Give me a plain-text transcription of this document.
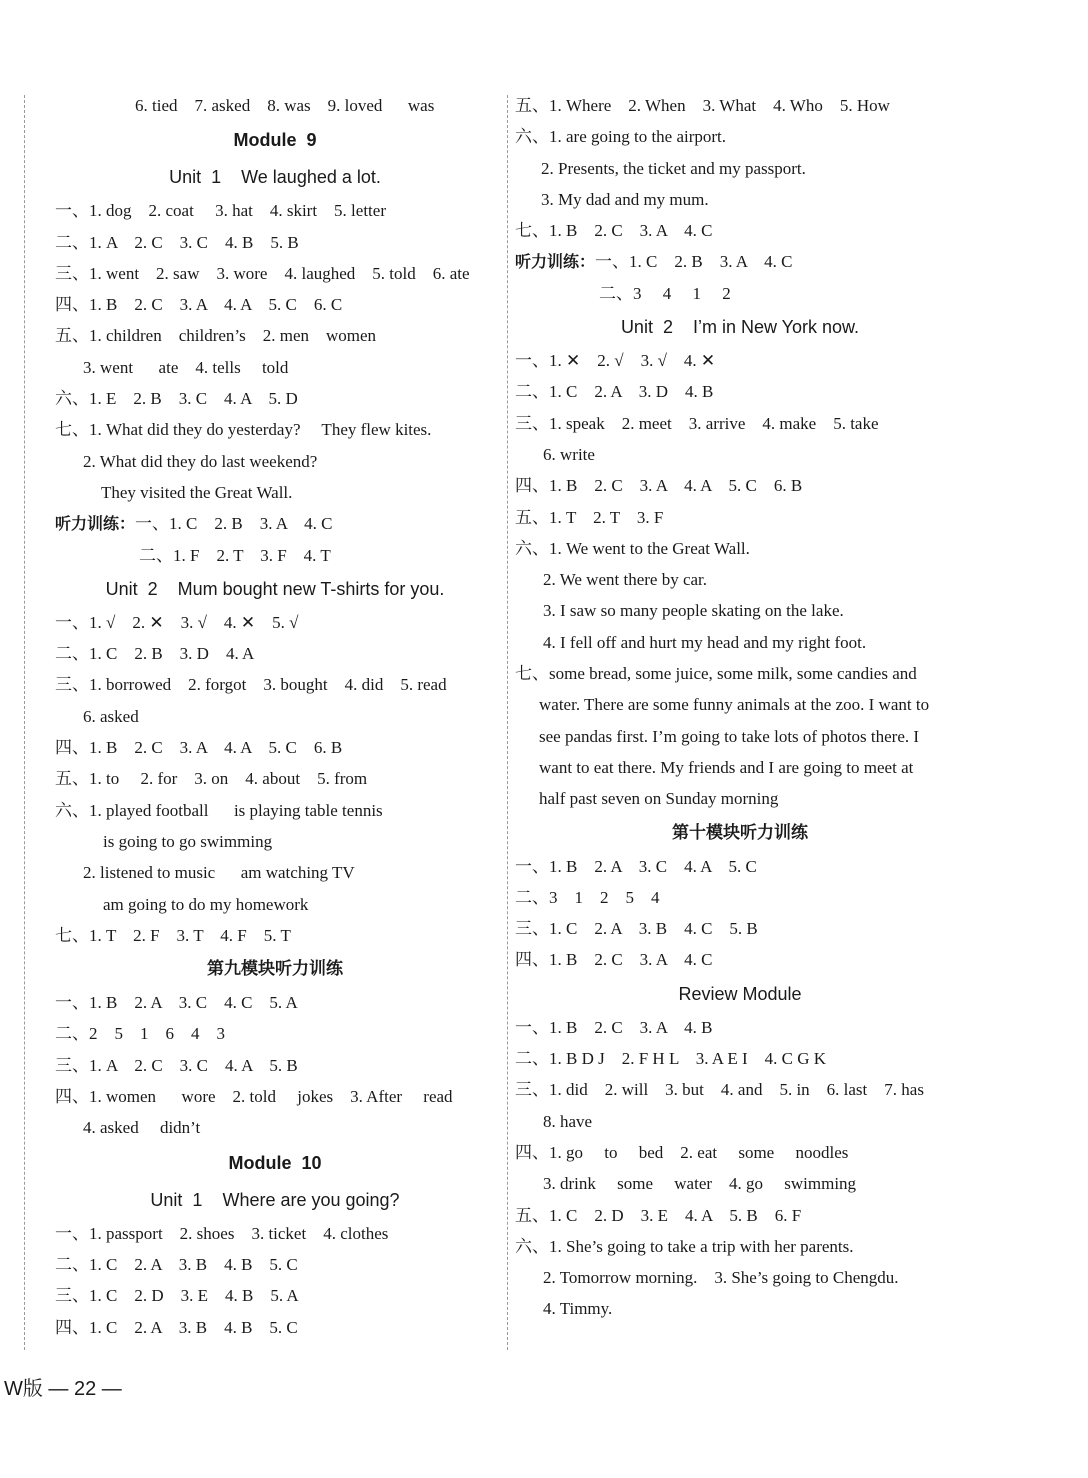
6. tied    7. asked    8. was    9. loved      was
Module  9
Unit  1    We laughed a lot.
一、1. dog    2. coat     3. hat    4. skirt    5. letter
二、1. A    2. C    3. C    4. B    5. B
三、1. went    2. saw    3. wore    4. laughed    5. told    6. ate
四、1. B    2. C    3. A    4. A    5. C    6. C
五、1. children    children’s    2. men    women
3. went      ate    4. tells     told
六、1. E    2. B    3. C    4. A    5. D
七、1. What did they do yesterday?     They flew kites.
2. What did they do last weekend?
They visited the Great Wall.
听力训练：一、1. C    2. B    3. A    4. C
二、1. F    2. T    3. F    4. T
Unit  2    Mum bought new T-shirts for you.
一、1. √    2. ✕    3. √    4. ✕    5. √
二、1. C    2. B    3. D    4. A
三、1. borrowed    2. forgot    3. bought    4. did    5. read
6. asked
四、1. B    2. C    3. A    4. A    5. C    6. B
五、1. to     2. for    3. on    4. about    5. from
六、1. played football      is playing table tennis
is going to go swimming
2. listened to music      am watching TV
am going to do my homework
七、1. T    2. F    3. T    4. F    5. T
第九模块听力训练
一、1. B    2. A    3. C    4. C    5. A
二、2    5    1    6    4    3
三、1. A    2. C    3. C    4. A    5. B
四、1. women      wore    2. told     jokes    3. After     read
4. asked     didn’t
Module  10
Unit  1    Where are you going?
一、1. passport    2. shoes    3. ticket    4. clothes
二、1. C    2. A    3. B    4. B    5. C
三、1. C    2. D    3. E    4. B    5. A
四、1. C    2. A    3. B    4. B    5. C
五、1. Where    2. When    3. What    4. Who    5. How
六、1. are going to the airport.
2. Presents, the ticket and my passport.
3. My dad and my mum.
七、1. B    2. C    3. A    4. C
听力训练：一、1. C    2. B    3. A    4. C
二、3     4     1     2
Unit  2    I’m in New York now.
一、1. ✕    2. √    3. √    4. ✕
二、1. C    2. A    3. D    4. B
三、1. speak    2. meet    3. arrive    4. make    5. take
6. write
四、1. B    2. C    3. A    4. A    5. C    6. B
五、1. T    2. T    3. F
六、1. We went to the Great Wall.
2. We went there by car.
3. I saw so many people skating on the lake.
4. I fell off and hurt my head and my right foot.
七、some bread, some juice, some milk, some candies and
water. There are some funny animals at the zoo. I want to
see pandas first. I’m going to take lots of photos there. I
want to eat there. My friends and I are going to meet at
half past seven on Sunday morning
第十模块听力训练
一、1. B    2. A    3. C    4. A    5. C
二、3    1    2    5    4
三、1. C    2. A    3. B    4. C    5. B
四、1. B    2. C    3. A    4. C
Review Module
一、1. B    2. C    3. A    4. B
二、1. B D J    2. F H L    3. A E I    4. C G K
三、1. did    2. will    3. but    4. and    5. in    6. last    7. has
8. have
四、1. go     to     bed    2. eat     some     noodles
3. drink     some     water    4. go     swimming
五、1. C    2. D    3. E    4. A    5. B    6. F
六、1. She’s going to take a trip with her parents.
2. Tomorrow morning.    3. She’s going to Chengdu.
4. Timmy.
W版 — 22 —
